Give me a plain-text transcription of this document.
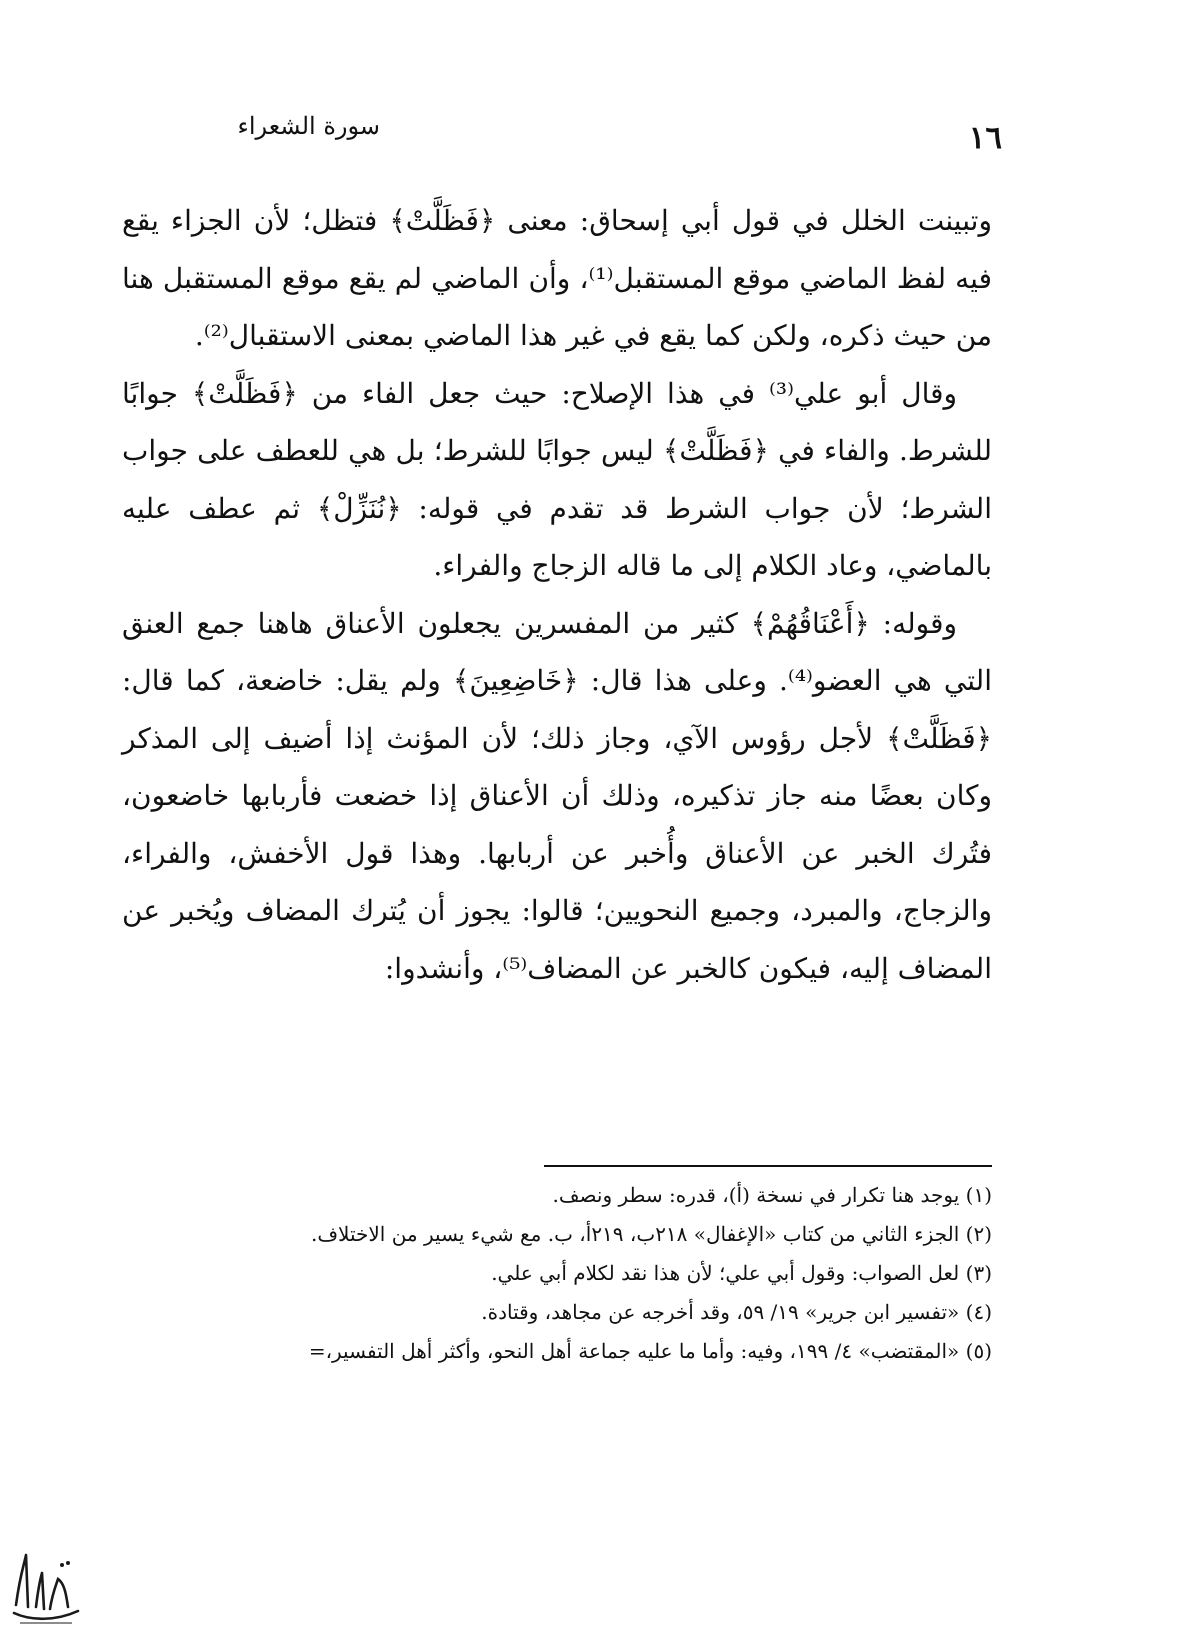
سورة الشعراء	١٦

وتبينت الخلل في قول أبي إسحاق: معنى ﴿فَظَلَّتْ﴾ فتظل؛ لأن الجزاء يقع فيه لفظ الماضي موقع المستقبل⁽¹⁾، وأن الماضي لم يقع موقع المستقبل هنا من حيث ذكره، ولكن كما يقع في غير هذا الماضي بمعنى الاستقبال⁽²⁾.

وقال أبو علي⁽³⁾ في هذا الإصلاح: حيث جعل الفاء من ﴿فَظَلَّتْ﴾ جوابًا للشرط. والفاء في ﴿فَظَلَّتْ﴾ ليس جوابًا للشرط؛ بل هي للعطف على جواب الشرط؛ لأن جواب الشرط قد تقدم في قوله: ﴿نُنَزِّلْ﴾ ثم عطف عليه بالماضي، وعاد الكلام إلى ما قاله الزجاج والفراء.

وقوله: ﴿أَعْنَاقُهُمْ﴾ كثير من المفسرين يجعلون الأعناق هاهنا جمع العنق التي هي العضو⁽⁴⁾. وعلى هذا قال: ﴿خَاضِعِينَ﴾ ولم يقل: خاضعة، كما قال: ﴿فَظَلَّتْ﴾ لأجل رؤوس الآي، وجاز ذلك؛ لأن المؤنث إذا أضيف إلى المذكر وكان بعضًا منه جاز تذكيره، وذلك أن الأعناق إذا خضعت فأربابها خاضعون، فتُرك الخبر عن الأعناق وأُخبر عن أربابها. وهذا قول الأخفش، والفراء، والزجاج، والمبرد، وجميع النحويين؛ قالوا: يجوز أن يُترك المضاف ويُخبر عن المضاف إليه، فيكون كالخبر عن المضاف⁽⁵⁾، وأنشدوا:

(١) يوجد هنا تكرار في نسخة (أ)، قدره: سطر ونصف.

(٢) الجزء الثاني من كتاب «الإغفال» ٢١٨ب، ٢١٩أ، ب. مع شيء يسير من الاختلاف.

(٣) لعل الصواب: وقول أبي علي؛ لأن هذا نقد لكلام أبي علي.

(٤) «تفسير ابن جرير» ١٩/ ٥٩، وقد أخرجه عن مجاهد، وقتادة.

(٥) «المقتضب» ٤/ ١٩٩، وفيه: وأما ما عليه جماعة أهل النحو، وأكثر أهل التفسير،=
